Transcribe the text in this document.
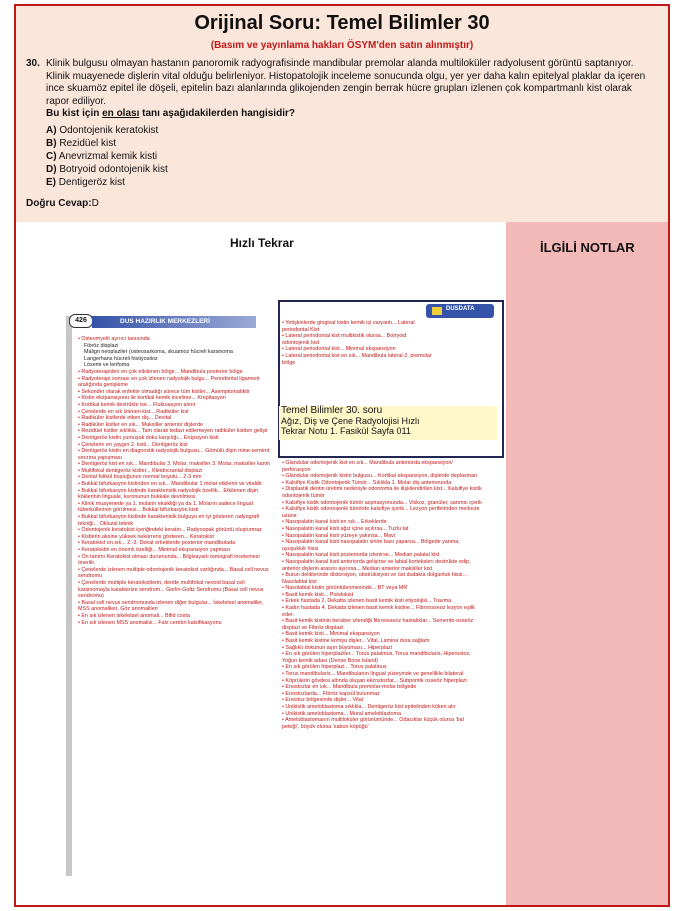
Orijinal Soru: Temel Bilimler 30
(Basım ve yayınlama hakları ÖSYM'den satın alınmıştır)
30. Klinik bulgusu olmayan hastanın panoromik radyografisinde mandibular premolar alanda multiloküler radyolusent görüntü saptanıyor. Klinik muayenede dişlerin vital olduğu belirleniyor. Histopatolojik inceleme sonucunda olgu, yer yer daha kalın epitelyal plaklar da içeren ince skuamöz epitel ile döşeli, epitelin bazı alanlarında glikojenden zengin berrak hücre grupları izlenen çok kompartmanlı kist olarak rapor ediliyor.
Bu kist için en olası tanı aşağıdakilerden hangisidir?
A) Odontojenik keratokist
B) Rezidüel kist
C) Anevrizmal kemik kisti
D) Botryoid odontojenik kist
E) Dentigeröz kist
Doğru Cevap:D
Hızlı Tekrar	İLGİLİ NOTLAR
426	DUS HAZIRLIK MERKEZLERİ
• Osteomyelit ayırıcı tanısında
Fibröz displazi
Malign neoplaziler (osteosarkoma, skuamoz hücreli karsinoma
Langerhans hücreli histiyositoz
Lösemi ve lenfoma
• Radyoterapiden en çok etkilenen bölge... Mandibula posterior bölge
• Radyoterapi sonrası en çok izlenen radyolojik bulgu... Periodontal ligament aralığında genişleme
• Sekonder olarak enfekte olmadığı sürece tüm kistler... Asemptomatiktir
• Kistin ekspansiyonu ile kortikal kemik incelirse... Krepitasyon
• Kortikal kemik destrükte ise... Fluktuasyon alınır
• Çenelerde en sık izlenen kist... Radiküler kist
• Radiküler kistlerde etken diş... Devital
• Radiküler kistler en sık... Maksiller anterior dişlerde
• Rezidüel kistler sıklıkla... Tam olarak tedavi edilemeyen radiküler kistten gelişir
• Dentigeröz kistin yumuşak doku karşılığı... Erüpsiyon kisti
• Çenelerin en yaygın 2. kisti... Dentigeröz kist
• Dentigeröz kistin en diagnostik radyolojik bulgusu... Gömülü dişin mine-sement sınırına yapışması
• Dentigeröz kist en sık... Mandibular 3. Molar, maksiller 3. Molar, maksiller kanin
• Multifokal dentigeröz kistler... Kleidocranial displazi
• Dental folikül boşluğunun normal boyutu... 2-3 mm
• Bukkal bifurkasyon kistinden en sık... Mandibular 1.molar etkilenir ve vitaldir.
• Bukkal bifurkasyon kistinde karakteristik radyolojik özellik... Etkilenen dişin köklerinin linguale, kuronunun bukkale devrilmesi
• Klinik muayenede ya 1. molarin eksikliği ya da 1. Moların sadece lingual tüberküllerinin görülmesi... Bukkal bifurkasyon kisti
• Bukkal bifurkasyon kistinde karakteristik bulguyu en iyi gösteren radyografi tekniği... Okluzal teknik
• Odontojenik keratokist içeriğindeki keratin... Radyoopak görüntü oluşturmaz
• Kistlerin aksine yüksek nekürrens gösteren... Keratokist
• Keratokist en sık... 2.-3. Dekat erkeklerde posterior mandibulada
• Keratokistin en önemli özelliği... Minimal ekspansiyon yapması
• Ön tanımı Keratokist olması durumunda... Bilgisayarlı tomografi incelemesi önerilir.
• Çenelerde izlenen multiple odontojenik keratokist varlığında... Basal cell nevus sendromu
• Çenelerde multiple keratokistlerin, deride multifokal nevoid basal cell karsinomayla karakterize sendrom... Gorlin-Goltz Sendromu (Basal cell nevus sendromu)
• Basal cell nevus sendromunda izlenen diğer bulgular... İskeletsel anomaliler, MSS anomalileri, Göz anomalileri
• En sık izlenen iskeletsel anomali... Bifid costa
• En sık izlenen MSS anomalisi... Falx cerebri kalsifikasyonu
DUSDATA
• Yetişkinlerde gingival kistin kemik içi varyantı... Lateral periodontal Kist
• Lateral periodontal kist multikistik olursa... Botryoid odontojenik kist
• Lateral periodontal kist... Minimal ekspansiyon
• Lateral periodontal kist en sık... Mandibula lateral-2. premolar bölge
Temel Bilimler 30. soru
Ağız, Diş ve Çene Radyolojisi Hızlı
Tekrar Notu 1. Fasikül Sayfa 011
• Glandular odontojenik kist en sık... Mandibula anteriorda ekspansiyon/ perforasyon
• Glandular odontojenik kistin bulgusu... Kortikal ekspansiyon, dişlerde deplasman
• Kalsifiye Kistik Odontojenik Tümör... Sıklıkla 1. Molar diş anteriorunda
• Displastik dentin üretimi nedeniyle odontoma ile ilişkilendirilen kist... Kalsifiye kistik odontojenik tümör
• Kalsifiye kistik odontojenik tümör aspirasyonunda... Viskoz, granüler, sarımsı içerik
• Kalsifiye kistik odontojenik tümörde kalsifiye içerik... Lezyon periferinden merkeze uzanır.
• Nasopalatin kanal kisti en sık... Erkeklerde
• Nasopalatin kanal kisti ağız içine açılırsa... Tuzlu tat
• Nasopalatin kanal kisti yüzeye yakınsa... Mavi
• Nasopalatin kanal kisti nasopalatin sinire bası yaparsa... Bölgede yanma, uyuşukluk hissi
• Nasopalatin kanal kisti posteriorda izlenirse... Median palatal kist
• Nasopalatin kanal kisti anteriorda gelişirse ve labial kortekslerı destrükte edip, anterior dişlerin arasını ayırırsa... Median anterior maksiller kist
• Burun deliklerinde distorsiyon, obstrüksiyon ve üst dudakta dolgunluk hissi... Nasolabial kist
• Nasolabial kistin görüntülenmesinde... BT veya MR
• Basit kemik kisti... Psödokist
• Erkek hastada 2. Dekatta izlenen basit kemik kisti etiyolojisi... Travma
• Kadın hastada 4. Dekatta izlenen basit kemik kistine... Fibroosseoz lezyon eşlik eder.
• Basit kemik kistinin beraber izlendiği fibroosseoz hastalıklar... Semento-osseöz displazi ve Fibröz displazi
• Basit kemik kisti... Minimal ekspansiyon
• Basit kemik kistine komşu dişler... Vital, Lamina dura sağlam
• Sağlıklı dokunun aşırı büyüması... Hiperplazi
• En sık görülen hiperplaziler... Torus palatinus, Torus mandibularis, Hiperostoz, Yoğun kemik adası (Dense Bone Island)
• En sık görülen hiperplazi... Torus palatinus
• Torus mandibularis... Mandibulanın lingual yüzeyinde ve genellikle bilateral
• Köprülerin gövdesi altında oluşan ekzostozlar... Subpontik osseöz hiperplazi
• Enostozlar en sık... Mandibula premolar-molar bölgede
• Enostozlarda... Fibröz kapsül bulunmaz
• Enostoz bölgesinde dişler... Vital
• Unikistik ameloblastoma sıklıkla... Dentigeröz kist epitelinden köken alır
• Unikistik ameloblastoma... Mural ameloblastoma
• Ameloblastomanın multiloküler görünümünde... Odacıklar küçük olursa 'bal peteği', büyük olursa 'sabun köpüğü'
